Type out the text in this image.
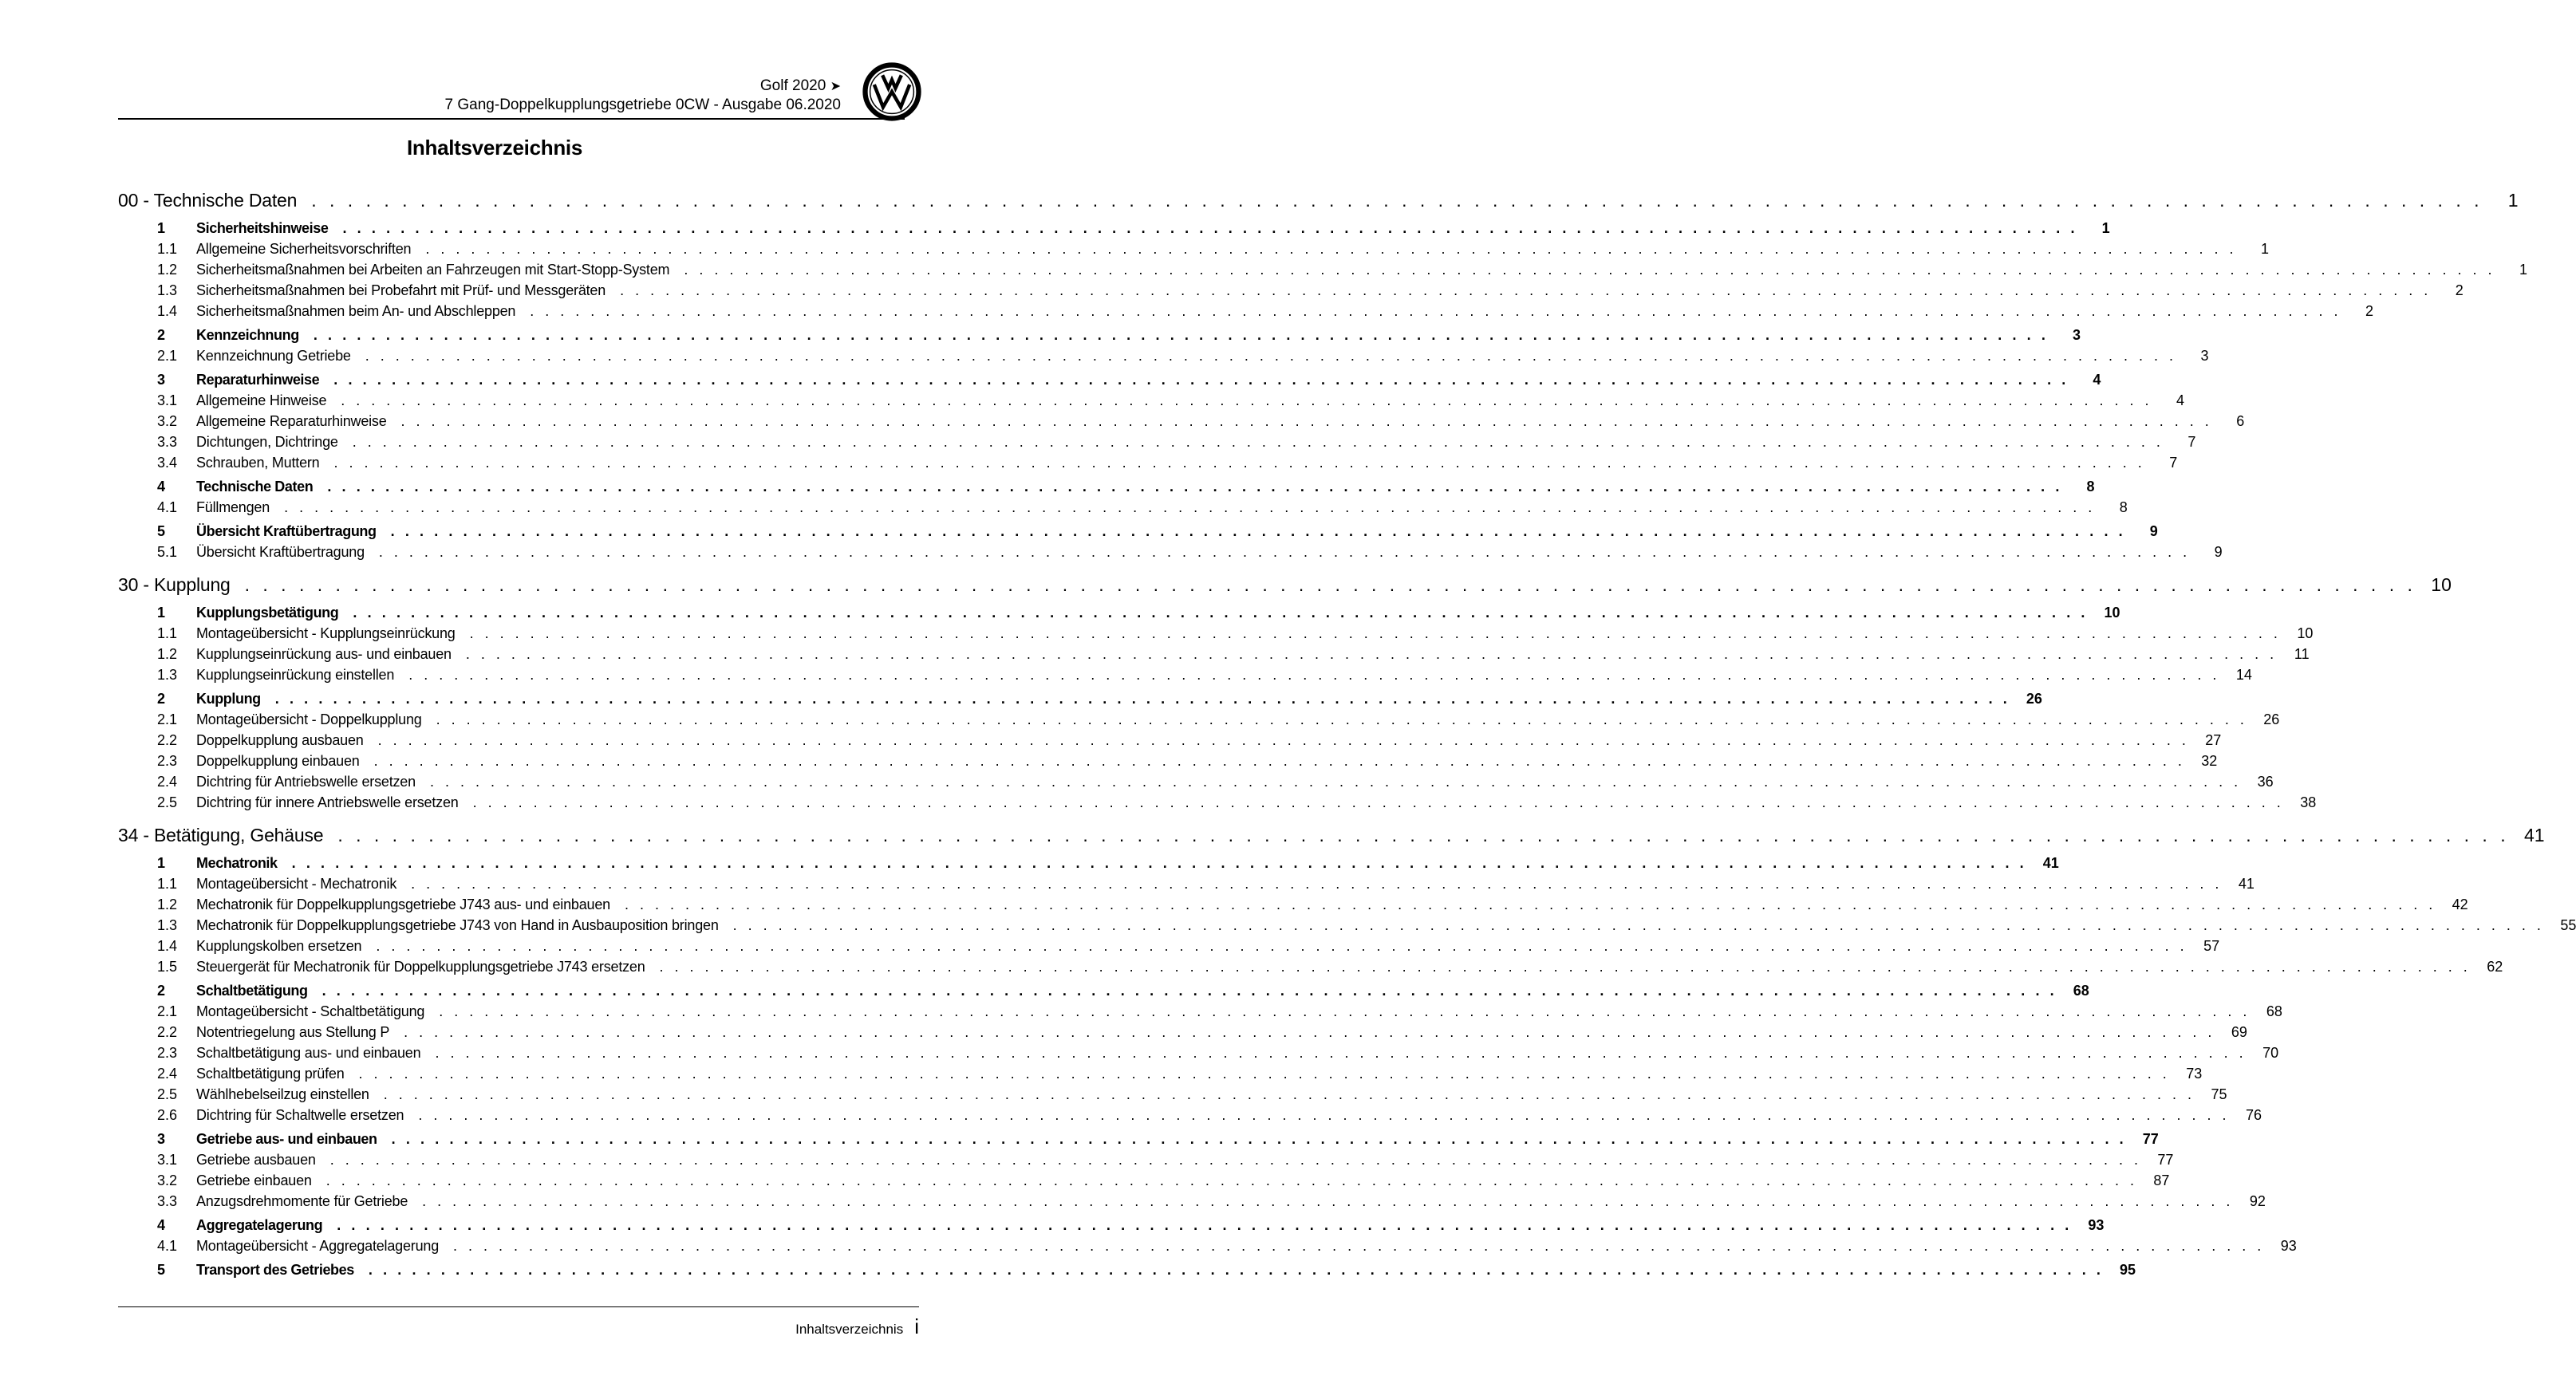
Golf 2020 ➤
7 Gang-Doppelkupplungsgetriebe 0CW - Ausgabe 06.2020
Inhaltsverzeichnis
00 - Technische Daten . . . . . . . . . . . . . . . . . . . . . . . . . . . . . . . . . . . . . . . . . . . . . . . . . . . . . . . . . . . . . . . . . . . . . . . . . . . . . . . . . . . . . . . . . . . . . . . . . . . . . . . . . . . . . . . . . . . . . . . .	1
1	Sicherheitshinweise . . . . . . . . . . . . . . . . . . . . . . . . . . . . . . . . . . . . . . . . . . . . . . . . . . . . . . . . . . . . . . . . . . . . . . . . . . . . . . . . . . . . . . . . . . . . . . . . . . . . . . . . . . . . . . . . . . . . . . . .	1
1.1	Allgemeine Sicherheitsvorschriften . . . . . . . . . . . . . . . . . . . . . . . . . . . . . . . . . . . . . . . . . . . . . . . . . . . . . . . . . . . . . . . . . . . . . . . . . . . . . . . . . . . . . . . . . . . . . . . . . . . . . . . . . . . . . . . . . . . . . . . .	1
1.2	Sicherheitsmaßnahmen bei Arbeiten an Fahrzeugen mit Start-Stopp-System . . . . . . . . . . . . . . . . . . . . . . . . . . . . . . . . . . . . . . . . . . . . . . . . . . . . . . . . . . . . . . . . . . . . . . . . . . . . . . . . . . . . . . . . . . . . . . . . . . . . . . . . . . . . . . . . . . . . . . . .	1
1.3	Sicherheitsmaßnahmen bei Probefahrt mit Prüf- und Messgeräten . . . . . . . . . . . . . . . . . . . . . . . . . . . . . . . . . . . . . . . . . . . . . . . . . . . . . . . . . . . . . . . . . . . . . . . . . . . . . . . . . . . . . . . . . . . . . . . . . . . . . . . . . . . . . . . . . . . . . . . .	2
1.4	Sicherheitsmaßnahmen beim An- und Abschleppen . . . . . . . . . . . . . . . . . . . . . . . . . . . . . . . . . . . . . . . . . . . . . . . . . . . . . . . . . . . . . . . . . . . . . . . . . . . . . . . . . . . . . . . . . . . . . . . . . . . . . . . . . . . . . . . . . . . . . . . .	2
2	Kennzeichnung . . . . . . . . . . . . . . . . . . . . . . . . . . . . . . . . . . . . . . . . . . . . . . . . . . . . . . . . . . . . . . . . . . . . . . . . . . . . . . . . . . . . . . . . . . . . . . . . . . . . . . . . . . . . . . . . . . . . . . . .	3
2.1	Kennzeichnung Getriebe . . . . . . . . . . . . . . . . . . . . . . . . . . . . . . . . . . . . . . . . . . . . . . . . . . . . . . . . . . . . . . . . . . . . . . . . . . . . . . . . . . . . . . . . . . . . . . . . . . . . . . . . . . . . . . . . . . . . . . . .	3
3	Reparaturhinweise . . . . . . . . . . . . . . . . . . . . . . . . . . . . . . . . . . . . . . . . . . . . . . . . . . . . . . . . . . . . . . . . . . . . . . . . . . . . . . . . . . . . . . . . . . . . . . . . . . . . . . . . . . . . . . . . . . . . . . . .	4
3.1	Allgemeine Hinweise . . . . . . . . . . . . . . . . . . . . . . . . . . . . . . . . . . . . . . . . . . . . . . . . . . . . . . . . . . . . . . . . . . . . . . . . . . . . . . . . . . . . . . . . . . . . . . . . . . . . . . . . . . . . . . . . . . . . . . . .	4
3.2	Allgemeine Reparaturhinweise . . . . . . . . . . . . . . . . . . . . . . . . . . . . . . . . . . . . . . . . . . . . . . . . . . . . . . . . . . . . . . . . . . . . . . . . . . . . . . . . . . . . . . . . . . . . . . . . . . . . . . . . . . . . . . . . . . . . . . . .	6
3.3	Dichtungen, Dichtringe . . . . . . . . . . . . . . . . . . . . . . . . . . . . . . . . . . . . . . . . . . . . . . . . . . . . . . . . . . . . . . . . . . . . . . . . . . . . . . . . . . . . . . . . . . . . . . . . . . . . . . . . . . . . . . . . . . . . . . . .	7
3.4	Schrauben, Muttern . . . . . . . . . . . . . . . . . . . . . . . . . . . . . . . . . . . . . . . . . . . . . . . . . . . . . . . . . . . . . . . . . . . . . . . . . . . . . . . . . . . . . . . . . . . . . . . . . . . . . . . . . . . . . . . . . . . . . . . .	7
4	Technische Daten . . . . . . . . . . . . . . . . . . . . . . . . . . . . . . . . . . . . . . . . . . . . . . . . . . . . . . . . . . . . . . . . . . . . . . . . . . . . . . . . . . . . . . . . . . . . . . . . . . . . . . . . . . . . . . . . . . . . . . . .	8
4.1	Füllmengen . . . . . . . . . . . . . . . . . . . . . . . . . . . . . . . . . . . . . . . . . . . . . . . . . . . . . . . . . . . . . . . . . . . . . . . . . . . . . . . . . . . . . . . . . . . . . . . . . . . . . . . . . . . . . . . . . . . . . . . .	8
5	Übersicht Kraftübertragung . . . . . . . . . . . . . . . . . . . . . . . . . . . . . . . . . . . . . . . . . . . . . . . . . . . . . . . . . . . . . . . . . . . . . . . . . . . . . . . . . . . . . . . . . . . . . . . . . . . . . . . . . . . . . . . . . . . . . . . .	9
5.1	Übersicht Kraftübertragung . . . . . . . . . . . . . . . . . . . . . . . . . . . . . . . . . . . . . . . . . . . . . . . . . . . . . . . . . . . . . . . . . . . . . . . . . . . . . . . . . . . . . . . . . . . . . . . . . . . . . . . . . . . . . . . . . . . . . . . .	9
30 - Kupplung . . . . . . . . . . . . . . . . . . . . . . . . . . . . . . . . . . . . . . . . . . . . . . . . . . . . . . . . . . . . . . . . . . . . . . . . . . . . . . . . . . . . . . . . . . . . . . . . . . . . . . . . . . . . . . . . . . . . . . . . 10
1	Kupplungsbetätigung . . . . . . . . . . . . . . . . . . . . . . . . . . . . . . . . . . . . . . . . . . . . . . . . . . . . . . . . . . . . . . . . . . . . . . . . . . . . . . . . . . . . . . . . . . . . . . . . . . . . . . . . . . . . . . . . . . . . . . . .	10
1.1	Montageübersicht - Kupplungseinrückung . . . . . . . . . . . . . . . . . . . . . . . . . . . . . . . . . . . . . . . . . . . . . . . . . . . . . . . . . . . . . . . . . . . . . . . . . . . . . . . . . . . . . . . . . . . . . . . . . . . . . . . . . . . . . . . . . . . . . . . .	10
1.2	Kupplungseinrückung aus- und einbauen . . . . . . . . . . . . . . . . . . . . . . . . . . . . . . . . . . . . . . . . . . . . . . . . . . . . . . . . . . . . . . . . . . . . . . . . . . . . . . . . . . . . . . . . . . . . . . . . . . . . . . . . . . . . . . . . . . . . . . . .	11
1.3	Kupplungseinrückung einstellen . . . . . . . . . . . . . . . . . . . . . . . . . . . . . . . . . . . . . . . . . . . . . . . . . . . . . . . . . . . . . . . . . . . . . . . . . . . . . . . . . . . . . . . . . . . . . . . . . . . . . . . . . . . . . . . . . . . . . . . .	14
2	Kupplung . . . . . . . . . . . . . . . . . . . . . . . . . . . . . . . . . . . . . . . . . . . . . . . . . . . . . . . . . . . . . . . . . . . . . . . . . . . . . . . . . . . . . . . . . . . . . . . . . . . . . . . . . . . . . . . . . . . . . . . .	26
2.1	Montageübersicht - Doppelkupplung . . . . . . . . . . . . . . . . . . . . . . . . . . . . . . . . . . . . . . . . . . . . . . . . . . . . . . . . . . . . . . . . . . . . . . . . . . . . . . . . . . . . . . . . . . . . . . . . . . . . . . . . . . . . . . . . . . . . . . . .	26
2.2	Doppelkupplung ausbauen . . . . . . . . . . . . . . . . . . . . . . . . . . . . . . . . . . . . . . . . . . . . . . . . . . . . . . . . . . . . . . . . . . . . . . . . . . . . . . . . . . . . . . . . . . . . . . . . . . . . . . . . . . . . . . . . . . . . . . . .	27
2.3	Doppelkupplung einbauen . . . . . . . . . . . . . . . . . . . . . . . . . . . . . . . . . . . . . . . . . . . . . . . . . . . . . . . . . . . . . . . . . . . . . . . . . . . . . . . . . . . . . . . . . . . . . . . . . . . . . . . . . . . . . . . . . . . . . . . .	32
2.4	Dichtring für Antriebswelle ersetzen . . . . . . . . . . . . . . . . . . . . . . . . . . . . . . . . . . . . . . . . . . . . . . . . . . . . . . . . . . . . . . . . . . . . . . . . . . . . . . . . . . . . . . . . . . . . . . . . . . . . . . . . . . . . . . . . . . . . . . . .	36
2.5	Dichtring für innere Antriebswelle ersetzen . . . . . . . . . . . . . . . . . . . . . . . . . . . . . . . . . . . . . . . . . . . . . . . . . . . . . . . . . . . . . . . . . . . . . . . . . . . . . . . . . . . . . . . . . . . . . . . . . . . . . . . . . . . . . . . . . . . . . . . .	38
34 - Betätigung, Gehäuse . . . . . . . . . . . . . . . . . . . . . . . . . . . . . . . . . . . . . . . . . . . . . . . . . . . . . . . . . . . . . . . . . . . . . . . . . . . . . . . . . . . . . . . . . . . . . . . . . . . . . . . . . . . . . . . . . . . . . . . . 41
1	Mechatronik . . . . . . . . . . . . . . . . . . . . . . . . . . . . . . . . . . . . . . . . . . . . . . . . . . . . . . . . . . . . . . . . . . . . . . . . . . . . . . . . . . . . . . . . . . . . . . . . . . . . . . . . . . . . . . . . . . . . . . . .	41
1.1	Montageübersicht - Mechatronik . . . . . . . . . . . . . . . . . . . . . . . . . . . . . . . . . . . . . . . . . . . . . . . . . . . . . . . . . . . . . . . . . . . . . . . . . . . . . . . . . . . . . . . . . . . . . . . . . . . . . . . . . . . . . . . . . . . . . . . .	41
1.2	Mechatronik für Doppelkupplungsgetriebe J743 aus- und einbauen . . . . . . . . . . . . . . . . . . . . . . . . . . . . . . . . . . . . . . . . . . . . . . . . . . . . . . . . . . . . . . . . . . . . . . . . . . . . . . . . . . . . . . . . . . . . . . . . . . . . . . . . . . . . . . . . . . . . . . . .	42
1.3	Mechatronik für Doppelkupplungsgetriebe J743 von Hand in Ausbauposition bringen . . . . . . . . . . . . . . . . . . . . . . . . . . . . . . . . . . . . . . . . . . . . . . . . . . . . . . . . . . . . . . . . . . . . . . . . . . . . . . . . . . . . . . . . . . . . . . . . . . . . . . . . . . . . . . . . . . . . . . . .	55
1.4	Kupplungskolben ersetzen . . . . . . . . . . . . . . . . . . . . . . . . . . . . . . . . . . . . . . . . . . . . . . . . . . . . . . . . . . . . . . . . . . . . . . . . . . . . . . . . . . . . . . . . . . . . . . . . . . . . . . . . . . . . . . . . . . . . . . . .	57
1.5	Steuergerät für Mechatronik für Doppelkupplungsgetriebe J743 ersetzen . . . . . . . . . . . . . . . . . . . . . . . . . . . . . . . . . . . . . . . . . . . . . . . . . . . . . . . . . . . . . . . . . . . . . . . . . . . . . . . . . . . . . . . . . . . . . . . . . . . . . . . . . . . . . . . . . . . . . . . .	62
2	Schaltbetätigung . . . . . . . . . . . . . . . . . . . . . . . . . . . . . . . . . . . . . . . . . . . . . . . . . . . . . . . . . . . . . . . . . . . . . . . . . . . . . . . . . . . . . . . . . . . . . . . . . . . . . . . . . . . . . . . . . . . . . . . .	68
2.1	Montageübersicht - Schaltbetätigung . . . . . . . . . . . . . . . . . . . . . . . . . . . . . . . . . . . . . . . . . . . . . . . . . . . . . . . . . . . . . . . . . . . . . . . . . . . . . . . . . . . . . . . . . . . . . . . . . . . . . . . . . . . . . . . . . . . . . . . .	68
2.2	Notentriegelung aus Stellung P . . . . . . . . . . . . . . . . . . . . . . . . . . . . . . . . . . . . . . . . . . . . . . . . . . . . . . . . . . . . . . . . . . . . . . . . . . . . . . . . . . . . . . . . . . . . . . . . . . . . . . . . . . . . . . . . . . . . . . . .	69
2.3	Schaltbetätigung aus- und einbauen . . . . . . . . . . . . . . . . . . . . . . . . . . . . . . . . . . . . . . . . . . . . . . . . . . . . . . . . . . . . . . . . . . . . . . . . . . . . . . . . . . . . . . . . . . . . . . . . . . . . . . . . . . . . . . . . . . . . . . . .	70
2.4	Schaltbetätigung prüfen . . . . . . . . . . . . . . . . . . . . . . . . . . . . . . . . . . . . . . . . . . . . . . . . . . . . . . . . . . . . . . . . . . . . . . . . . . . . . . . . . . . . . . . . . . . . . . . . . . . . . . . . . . . . . . . . . . . . . . . .	73
2.5	Wählhebelseilzug einstellen . . . . . . . . . . . . . . . . . . . . . . . . . . . . . . . . . . . . . . . . . . . . . . . . . . . . . . . . . . . . . . . . . . . . . . . . . . . . . . . . . . . . . . . . . . . . . . . . . . . . . . . . . . . . . . . . . . . . . . . .	75
2.6	Dichtring für Schaltwelle ersetzen . . . . . . . . . . . . . . . . . . . . . . . . . . . . . . . . . . . . . . . . . . . . . . . . . . . . . . . . . . . . . . . . . . . . . . . . . . . . . . . . . . . . . . . . . . . . . . . . . . . . . . . . . . . . . . . . . . . . . . . .	76
3	Getriebe aus- und einbauen . . . . . . . . . . . . . . . . . . . . . . . . . . . . . . . . . . . . . . . . . . . . . . . . . . . . . . . . . . . . . . . . . . . . . . . . . . . . . . . . . . . . . . . . . . . . . . . . . . . . . . . . . . . . . . . . . . . . . . . .	77
3.1	Getriebe ausbauen . . . . . . . . . . . . . . . . . . . . . . . . . . . . . . . . . . . . . . . . . . . . . . . . . . . . . . . . . . . . . . . . . . . . . . . . . . . . . . . . . . . . . . . . . . . . . . . . . . . . . . . . . . . . . . . . . . . . . . . .	77
3.2	Getriebe einbauen . . . . . . . . . . . . . . . . . . . . . . . . . . . . . . . . . . . . . . . . . . . . . . . . . . . . . . . . . . . . . . . . . . . . . . . . . . . . . . . . . . . . . . . . . . . . . . . . . . . . . . . . . . . . . . . . . . . . . . . .	87
3.3	Anzugsdrehmomente für Getriebe . . . . . . . . . . . . . . . . . . . . . . . . . . . . . . . . . . . . . . . . . . . . . . . . . . . . . . . . . . . . . . . . . . . . . . . . . . . . . . . . . . . . . . . . . . . . . . . . . . . . . . . . . . . . . . . . . . . . . . . .	92
4	Aggregatelagerung . . . . . . . . . . . . . . . . . . . . . . . . . . . . . . . . . . . . . . . . . . . . . . . . . . . . . . . . . . . . . . . . . . . . . . . . . . . . . . . . . . . . . . . . . . . . . . . . . . . . . . . . . . . . . . . . . . . . . . . .	93
4.1	Montageübersicht - Aggregatelagerung . . . . . . . . . . . . . . . . . . . . . . . . . . . . . . . . . . . . . . . . . . . . . . . . . . . . . . . . . . . . . . . . . . . . . . . . . . . . . . . . . . . . . . . . . . . . . . . . . . . . . . . . . . . . . . . . . . . . . . . .	93
5	Transport des Getriebes . . . . . . . . . . . . . . . . . . . . . . . . . . . . . . . . . . . . . . . . . . . . . . . . . . . . . . . . . . . . . . . . . . . . . . . . . . . . . . . . . . . . . . . . . . . . . . . . . . . . . . . . . . . . . . . . . . . . . . . .	95
Inhaltsverzeichnis i
